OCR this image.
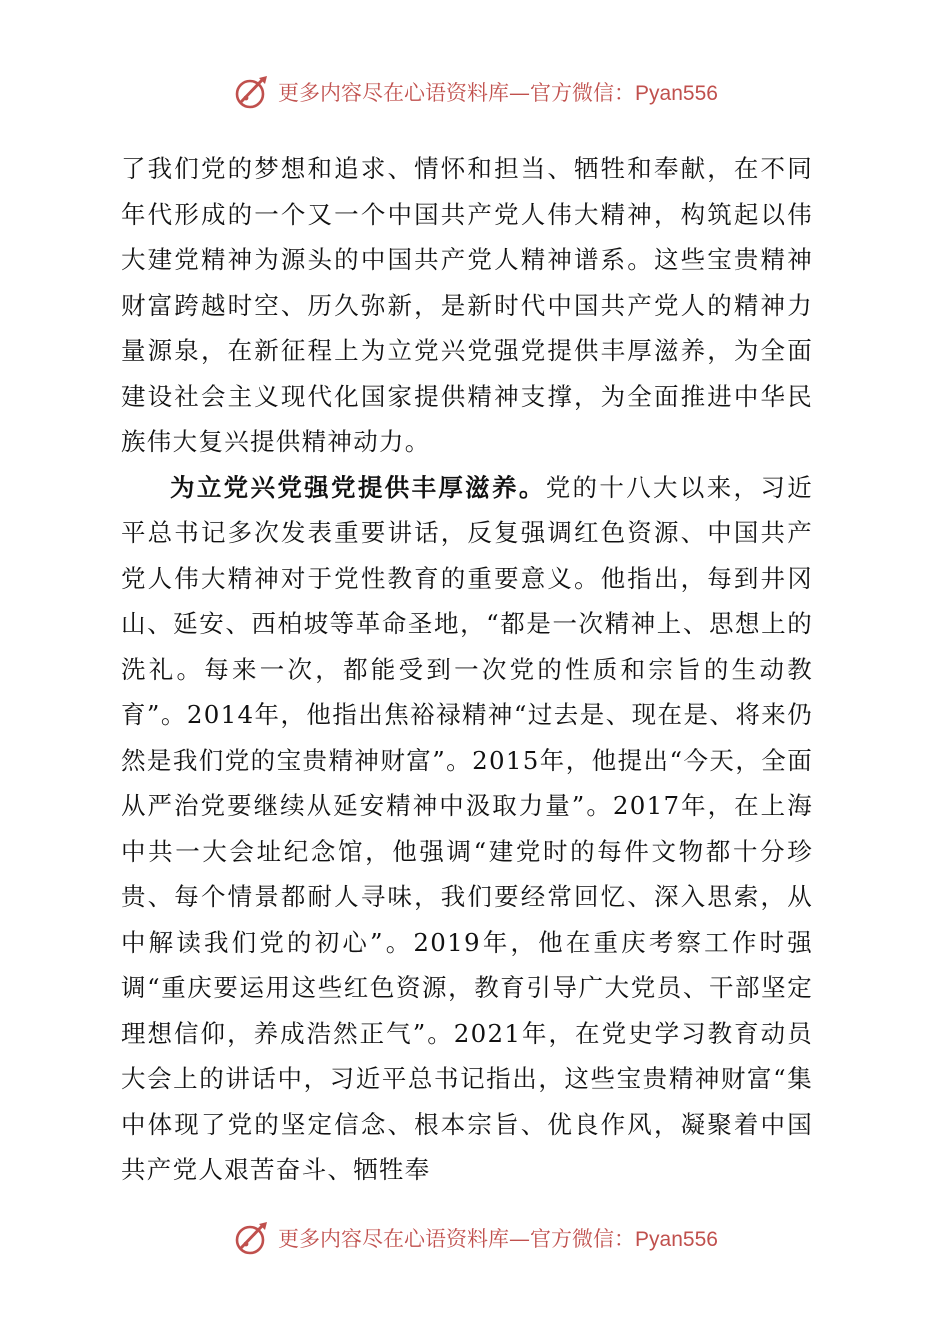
更多内容尽在心语资料库—官方微信：Pyan556

了我们党的梦想和追求、情怀和担当、牺牲和奉献，在不同年代形成的一个又一个中国共产党人伟大精神，构筑起以伟大建党精神为源头的中国共产党人精神谱系。这些宝贵精神财富跨越时空、历久弥新，是新时代中国共产党人的精神力量源泉，在新征程上为立党兴党强党提供丰厚滋养，为全面建设社会主义现代化国家提供精神支撑，为全面推进中华民族伟大复兴提供精神动力。

为立党兴党强党提供丰厚滋养。党的十八大以来，习近平总书记多次发表重要讲话，反复强调红色资源、中国共产党人伟大精神对于党性教育的重要意义。他指出，每到井冈山、延安、西柏坡等革命圣地，“都是一次精神上、思想上的洗礼。每来一次，都能受到一次党的性质和宗旨的生动教育”。2014年，他指出焦裕禄精神“过去是、现在是、将来仍然是我们党的宝贵精神财富”。2015年，他提出“今天，全面从严治党要继续从延安精神中汲取力量”。2017年，在上海中共一大会址纪念馆，他强调“建党时的每件文物都十分珍贵、每个情景都耐人寻味，我们要经常回忆、深入思索，从中解读我们党的初心”。2019年，他在重庆考察工作时强调“重庆要运用这些红色资源，教育引导广大党员、干部坚定理想信仰，养成浩然正气”。2021年，在党史学习教育动员大会上的讲话中，习近平总书记指出，这些宝贵精神财富“集中体现了党的坚定信念、根本宗旨、优良作风，凝聚着中国共产党人艰苦奋斗、牺牲奉

更多内容尽在心语资料库—官方微信：Pyan556
